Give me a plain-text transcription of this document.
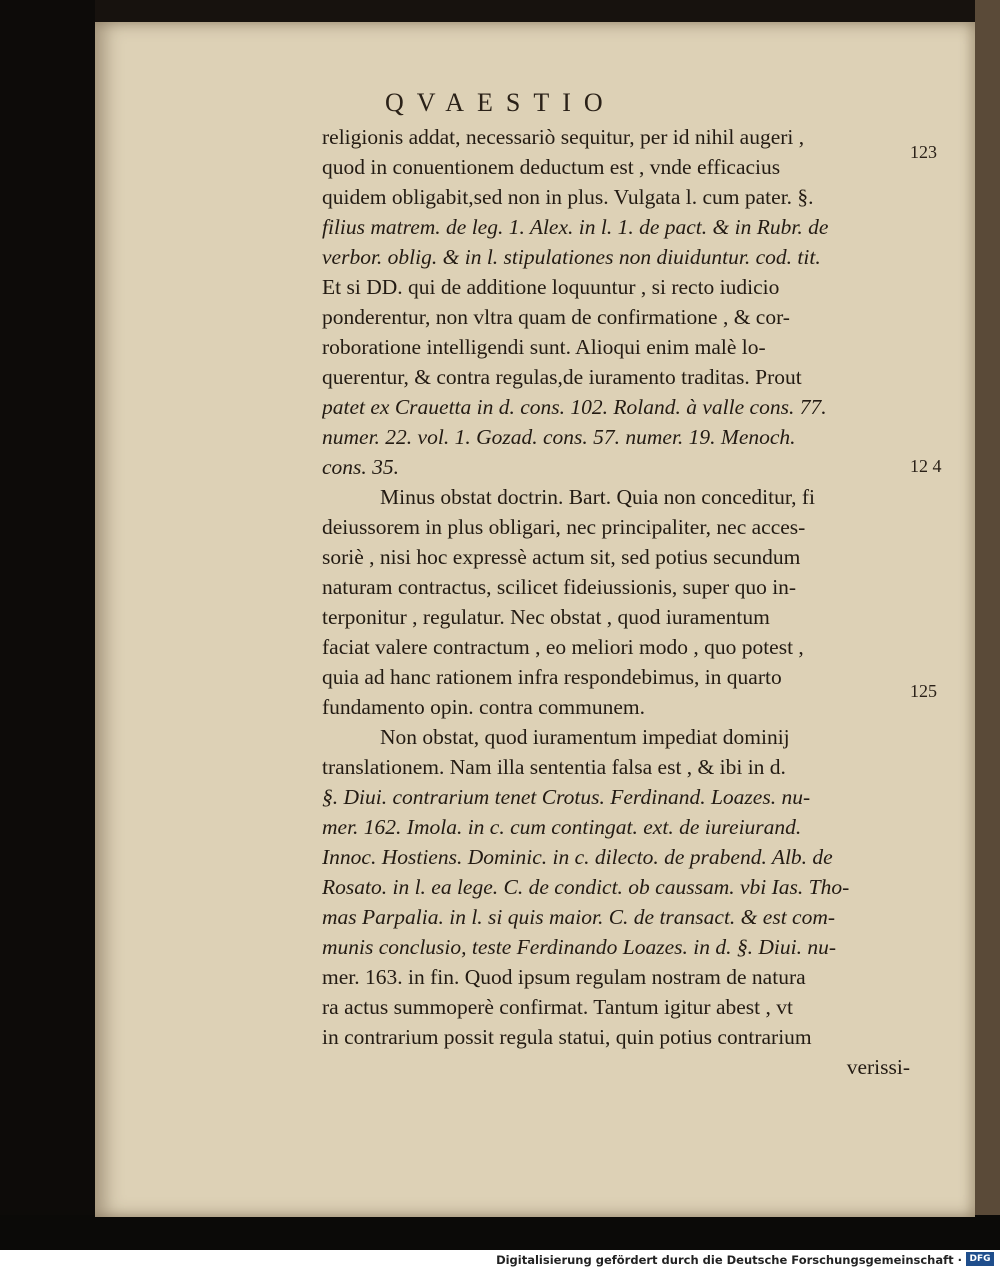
QVAESTIO
religionis addat, necessariò sequitur, per id nihil augeri ,
quod in conuentionem deductum est , vnde efficacius
quidem obligabit,sed non in plus. Vulgata l. cum pater. §.
filius matrem. de leg. 1. Alex. in l. 1. de pact. & in Rubr. de
verbor. oblig. & in l. stipulationes non diuiduntur. cod. tit.
Et si DD. qui de additione loquuntur , si recto iudicio
ponderentur, non vltra quam de confirmatione , & cor-
roboratione intelligendi sunt. Alioqui enim malè lo-
querentur, & contra regulas,de iuramento traditas. Prout
patet ex Crauetta in d. cons. 102. Roland. à valle cons. 77.
numer. 22. vol. 1. Gozad. cons. 57. numer. 19. Menoch.
cons. 35.
Minus obstat doctrin. Bart. Quia non conceditur, fi
deiussorem in plus obligari, nec principaliter, nec acces-
soriè , nisi hoc expressè actum sit, sed potius secundum
naturam contractus, scilicet fideiussionis, super quo in-
terponitur , regulatur. Nec obstat , quod iuramentum
faciat valere contractum , eo meliori modo , quo potest ,
quia ad hanc rationem infra respondebimus, in quarto
fundamento opin. contra communem.
Non obstat, quod iuramentum impediat dominij
translationem. Nam illa sententia falsa est , & ibi in d.
§. Diui. contrarium tenet Crotus. Ferdinand. Loazes. nu-
mer. 162. Imola. in c. cum contingat. ext. de iureiurand.
Innoc. Hostiens. Dominic. in c. dilecto. de prabend. Alb. de
Rosato. in l. ea lege. C. de condict. ob caussam. vbi Ias. Tho-
mas Parpalia. in l. si quis maior. C. de transact. & est com-
munis conclusio, teste Ferdinando Loazes. in d. §. Diui. nu-
mer. 163. in fin. Quod ipsum regulam nostram de natura
ra actus summoperè confirmat. Tantum igitur abest , vt
in contrarium possit regula statui, quin potius contrarium
verissi-
123
12 4
125
Digitalisierung gefördert durch die Deutsche Forschungsgemeinschaft · DFG
